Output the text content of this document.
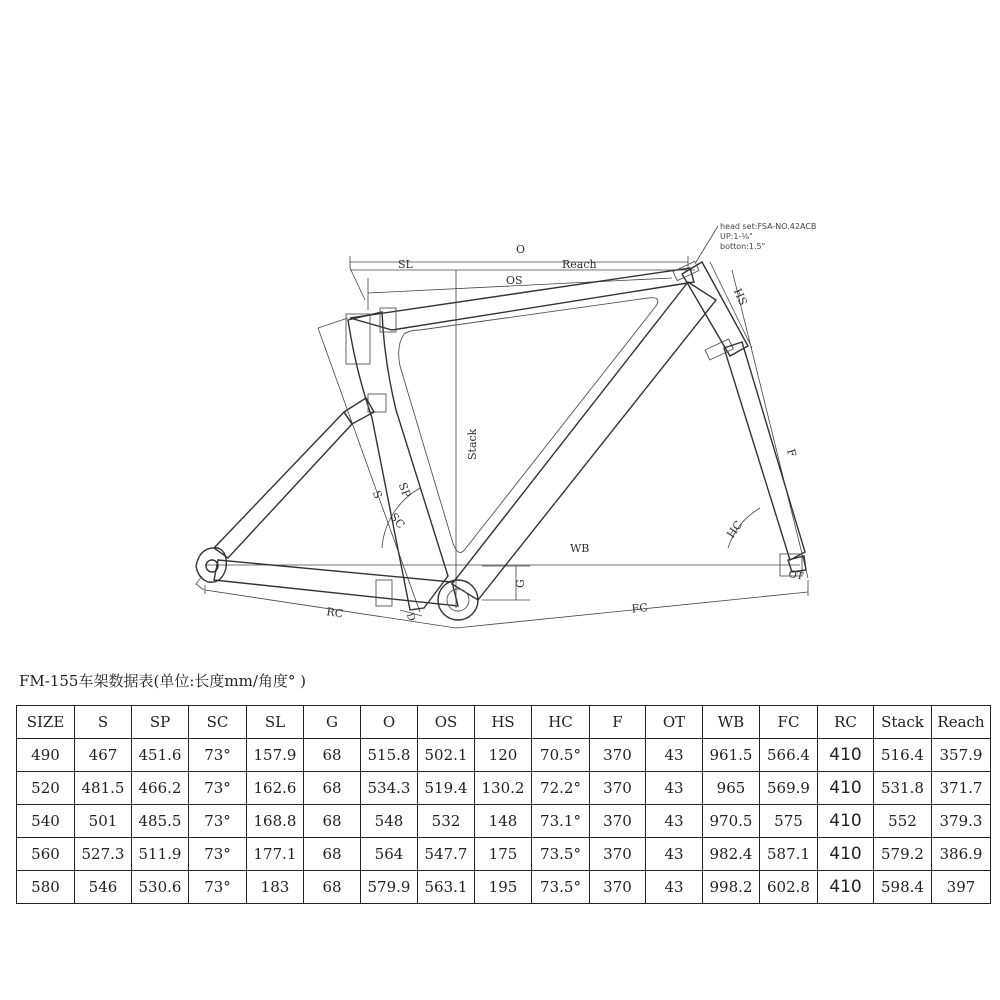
head set:FSA-NO.42ACB
UP:1-⅛"
botton:1.5"
O
SL	Reach
OS
HS
Stack
S SP
SC
F
HC
WB
G
OT
RC	FC
D
FM-155车架数据表(单位:长度mm/角度° )
SIZE	S	SP	SC	SL	G	O	OS	HS	HC	F	OT	WB	FC	RC	Stack	Reach
490	467	451.6	73°	157.9	68	515.8	502.1	120	70.5°	370	43	961.5	566.4	410	516.4	357.9
520	481.5	466.2	73°	162.6	68	534.3	519.4	130.2	72.2°	370	43	965	569.9	410	531.8	371.7
540	501	485.5	73°	168.8	68	548	532	148	73.1°	370	43	970.5	575	410	552	379.3
560	527.3	511.9	73°	177.1	68	564	547.7	175	73.5°	370	43	982.4	587.1	410	579.2	386.9
580	546	530.6	73°	183	68	579.9	563.1	195	73.5°	370	43	998.2	602.8	410	598.4	397
